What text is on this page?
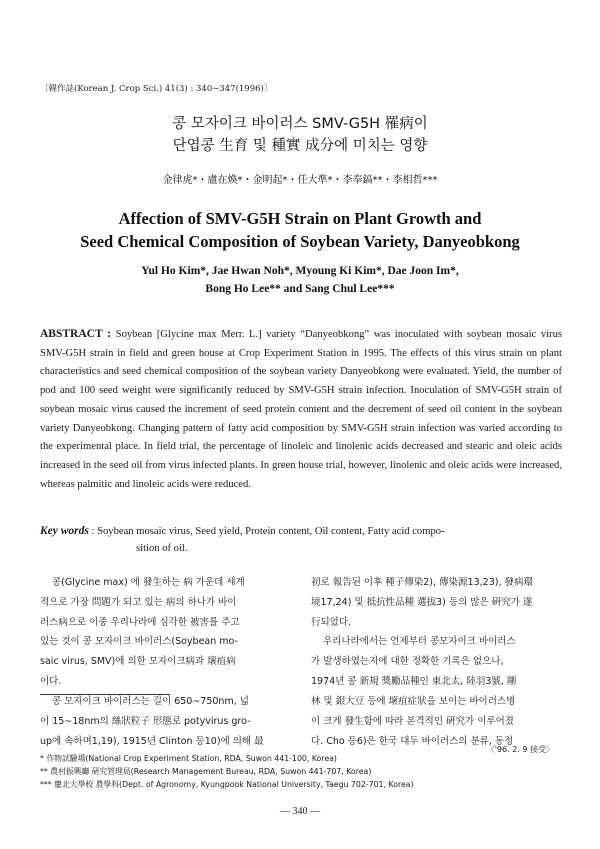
〔韓作誌(Korean J. Crop Sci.) 41(3) : 340∼347(1996)〕
콩 모자이크 바이러스 SMV-G5H 罹病이
단엽콩 生育 및 種實 成分에 미치는 영향
金律虎*・盧在煥*・金明起*・任大準*・李奉鎬**・李相哲***
Affection of SMV-G5H Strain on Plant Growth and
Seed Chemical Composition of Soybean Variety, Danyeobkong
Yul Ho Kim*, Jae Hwan Noh*, Myoung Ki Kim*, Dae Joon Im*,
Bong Ho Lee** and Sang Chul Lee***
ABSTRACT : Soybean [Glycine max Merr. L.] variety “Danyeobkong” was inoculated with soybean mosaic virus SMV-G5H strain in field and green house at Crop Experiment Station in 1995. The effects of this virus strain on plant characteristics and seed chemical composition of the soybean variety Danyeobkong were evaluated. Yield, the number of pod and 100 seed weight were significantly reduced by SMV-G5H strain infection. Inoculation of SMV-G5H strain of soybean mosaic virus caused the increment of seed protein content and the decrement of seed oil content in the soybean variety Danyeobkong. Changing pattern of fatty acid composition by SMV-G5H strain infection was varied according to the experimental place. In field trial, the percentage of linoleic and linolenic acids decreased and stearic and oleic acids increased in the seed oil from virus infected plants. In green house trial, however, linolenic and oleic acids were increased, whereas palmitic and linoleic acids were reduced.
Key words : Soybean mosaic virus, Seed yield, Protein content, Oil content, Fatty acid compo-
sition of oil.
콩(Glycine max) 에 發生하는 病 가운데 세계
적으로 가장 問題가 되고 있는 病의 하나가 바이
러스病으로 이중 우리나라에 심각한 被害를 주고
있는 것이 콩 모자이크 바이러스(Soybean mo-
saic virus, SMV)에 의한 모자이크病과 壞疽病
이다.
콩 모자이크 바이러스는 길이 650∼750nm, 넓
初로 報告된 이후 種子傳染2), 傳染源13,23), 發病環
境17,24) 및 抵抗性品種 選拔3) 등의 많은 硏究가 遂
行되었다.
우리나라에서는 언제부터 콩모자이크 바이러스
가 발생하였는지에 대한 정확한 기록은 없으나,
1974년 콩 新規 獎勵品種인 東北太, 陸羽3號, 剛
이 15∼18nm의 絲狀粒子 形態로 potyvirus gro-
up에 속하며1,19), 1915년 Clinton 등10)에 의해 最
林 및 銀大豆 등에 壞疽症狀을 보이는 바이러스병
이 크게 發生함에 따라 본격적인 硏究가 이루어졌
다. Cho 등6)은 한국 대두 바이러스의 분류, 동정
* 作物試驗場(National Crop Experiment Station, RDA, Suwon 441-100, Korea)
** 農村振興廳 硏究管理局(Research Management Bureau, RDA, Suwon 441-707, Korea)
*** 慶北大學校 農學科(Dept. of Agronomy, Kyungpook National University, Taegu 702-701, Korea)
〈'96. 2. 9 接受〉
― 340 ―
